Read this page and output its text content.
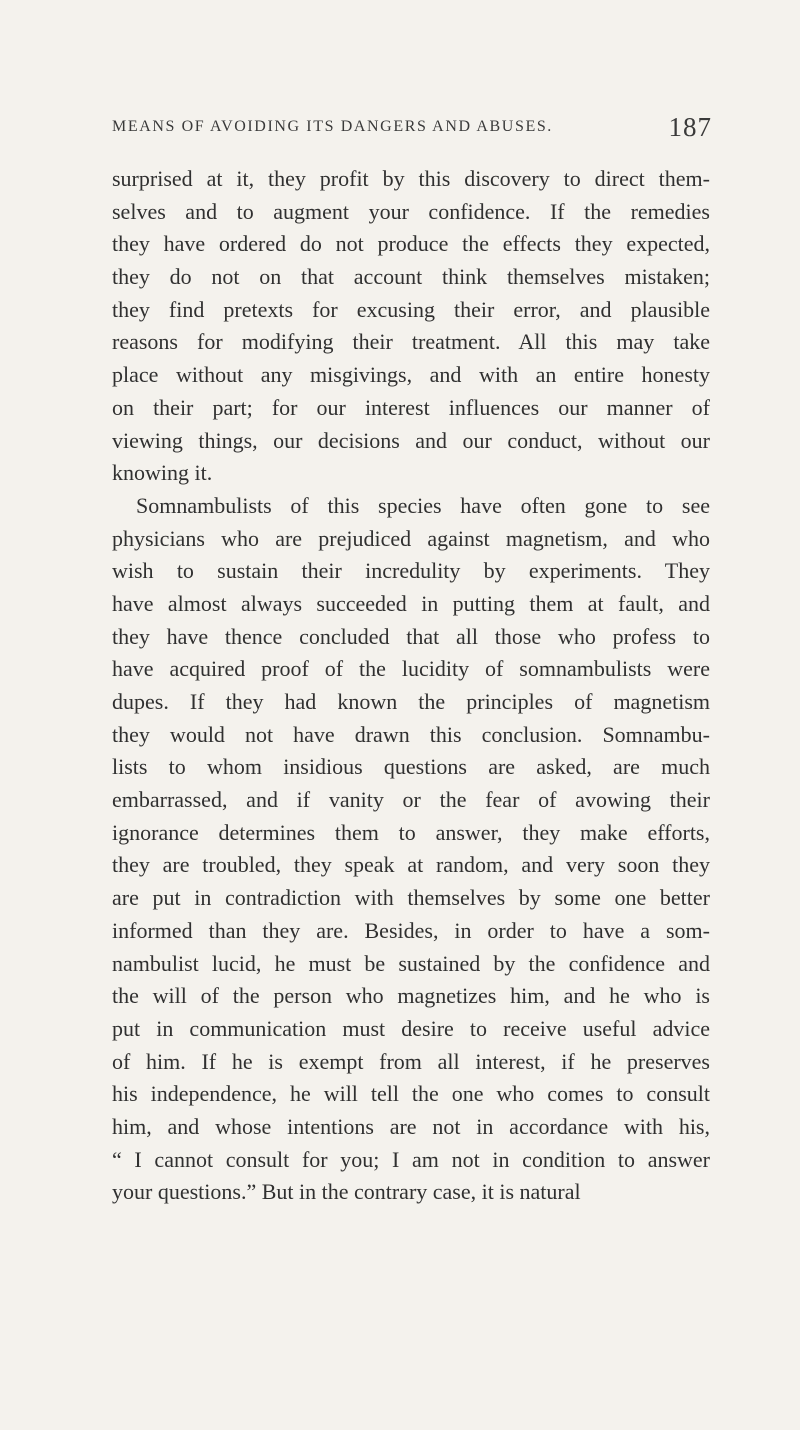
MEANS OF AVOIDING ITS DANGERS AND ABUSES.	187
surprised at it, they profit by this discovery to direct them-
selves and to augment your confidence. If the remedies
they have ordered do not produce the effects they expected,
they do not on that account think themselves mistaken;
they find pretexts for excusing their error, and plausible
reasons for modifying their treatment. All this may take
place without any misgivings, and with an entire honesty
on their part; for our interest influences our manner of
viewing things, our decisions and our conduct, without our
knowing it.
Somnambulists of this species have often gone to see
physicians who are prejudiced against magnetism, and who
wish to sustain their incredulity by experiments. They
have almost always succeeded in putting them at fault, and
they have thence concluded that all those who profess to
have acquired proof of the lucidity of somnambulists were
dupes. If they had known the principles of magnetism
they would not have drawn this conclusion. Somnambu-
lists to whom insidious questions are asked, are much
embarrassed, and if vanity or the fear of avowing their
ignorance determines them to answer, they make efforts,
they are troubled, they speak at random, and very soon they
are put in contradiction with themselves by some one better
informed than they are. Besides, in order to have a som-
nambulist lucid, he must be sustained by the confidence and
the will of the person who magnetizes him, and he who is
put in communication must desire to receive useful advice
of him. If he is exempt from all interest, if he preserves
his independence, he will tell the one who comes to consult
him, and whose intentions are not in accordance with his,
“ I cannot consult for you; I am not in condition to answer
your questions.” But in the contrary case, it is natural
